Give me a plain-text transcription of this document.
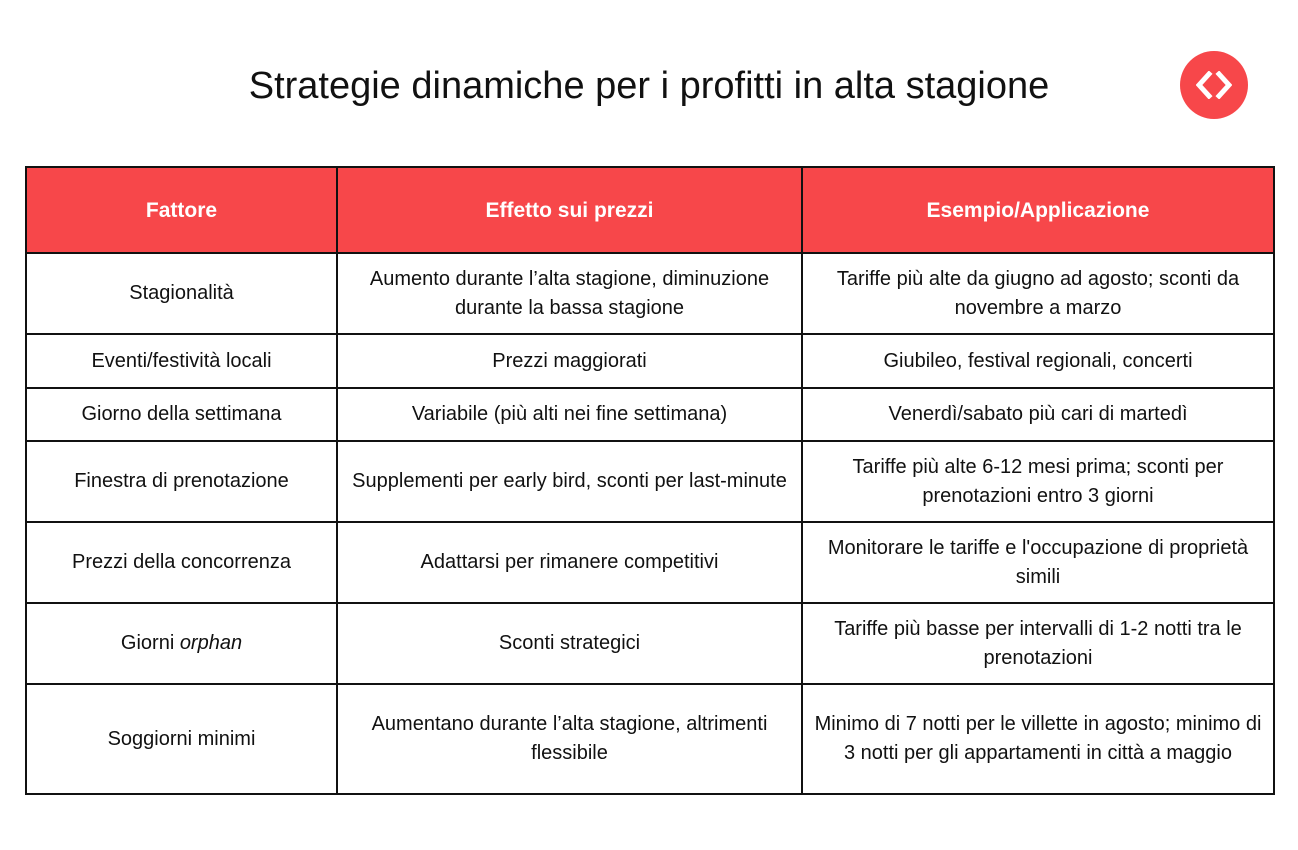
Strategie dinamiche per i profitti in alta stagione
Fattore	Effetto sui prezzi	Esempio/Applicazione
Stagionalità	Aumento durante l’alta stagione, diminuzione durante la bassa stagione	Tariffe più alte da giugno ad agosto; sconti da novembre a marzo
Eventi/festività locali	Prezzi maggiorati	Giubileo, festival regionali, concerti
Giorno della settimana	Variabile (più alti nei fine settimana)	Venerdì/sabato più cari di martedì
Finestra di prenotazione	Supplementi per early bird, sconti per last-minute	Tariffe più alte 6-12 mesi prima; sconti per prenotazioni entro 3 giorni
Prezzi della concorrenza	Adattarsi per rimanere competitivi	Monitorare le tariffe e l'occupazione di proprietà simili
Giorni orphan	Sconti strategici	Tariffe più basse per intervalli di 1-2 notti tra le prenotazioni
Soggiorni minimi	Aumentano durante l’alta stagione, altrimenti flessibile	Minimo di 7 notti per le villette in agosto; minimo di 3 notti per gli appartamenti in città a maggio
